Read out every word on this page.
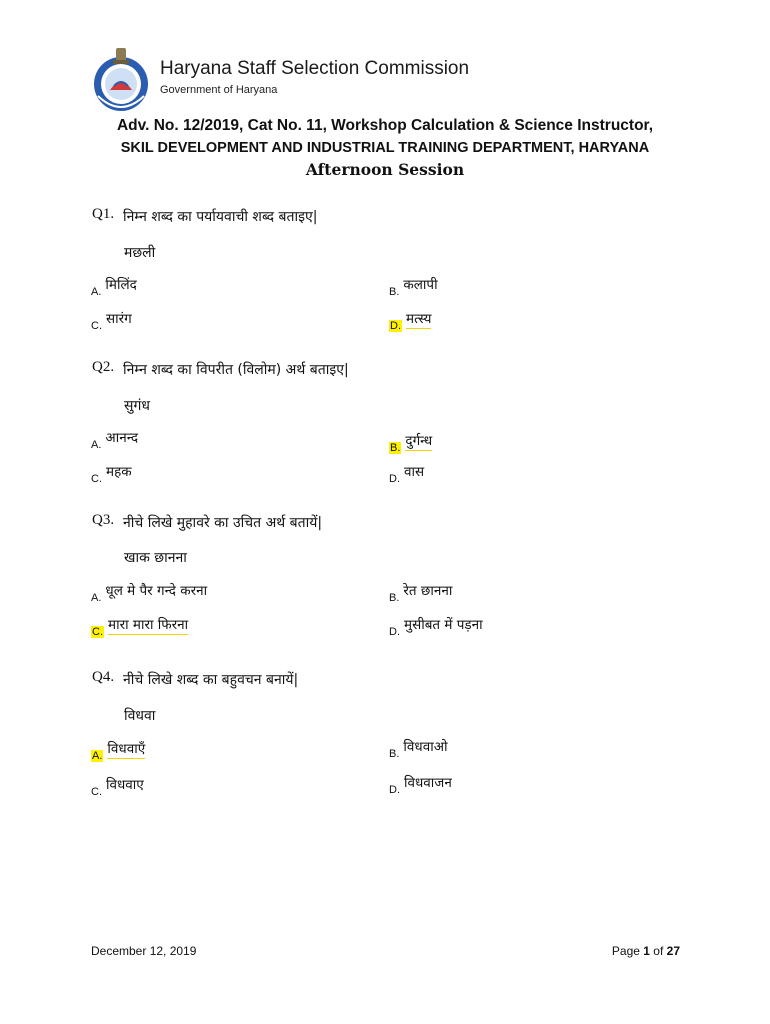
Haryana Staff Selection Commission
Government of Haryana
Adv. No. 12/2019, Cat No. 11, Workshop Calculation & Science Instructor,
SKIL DEVELOPMENT AND INDUSTRIAL TRAINING DEPARTMENT, HARYANA
Afternoon Session
Q1. निम्न शब्द का पर्यायवाची शब्द बताइए|
मछली
$_{A.}$ मिलिंद	$_{B.}$ कलापी
$_{C.}$ सारंग	$_{D.}$ मत्स्य
Q2. निम्न शब्द का विपरीत (विलोम) अर्थ बताइए|
सुगंध
$_{A.}$ आनन्द
$_{B.}$ दुर्गन्ध
$_{C.}$ महक	$_{D.}$ वास
Q3. नीचे लिखे मुहावरे का उचित अर्थ बतायें|
खाक छानना
$_{A.}$ धूल मे पैर गन्दे करना	$_{B.}$ रेत छानना
$_{C.}$ मारा मारा फिरना	$_{D.}$ मुसीबत में पड़ना
Q4. नीचे लिखे शब्द का बहुवचन बनायें|
विधवा
$_{A.}$ विधवाएँ	$_{B.}$ विधवाओ
$_{C.}$ विधवाए	$_{D.}$ विधवाजन
December 12, 2019	Page 1 of 27
